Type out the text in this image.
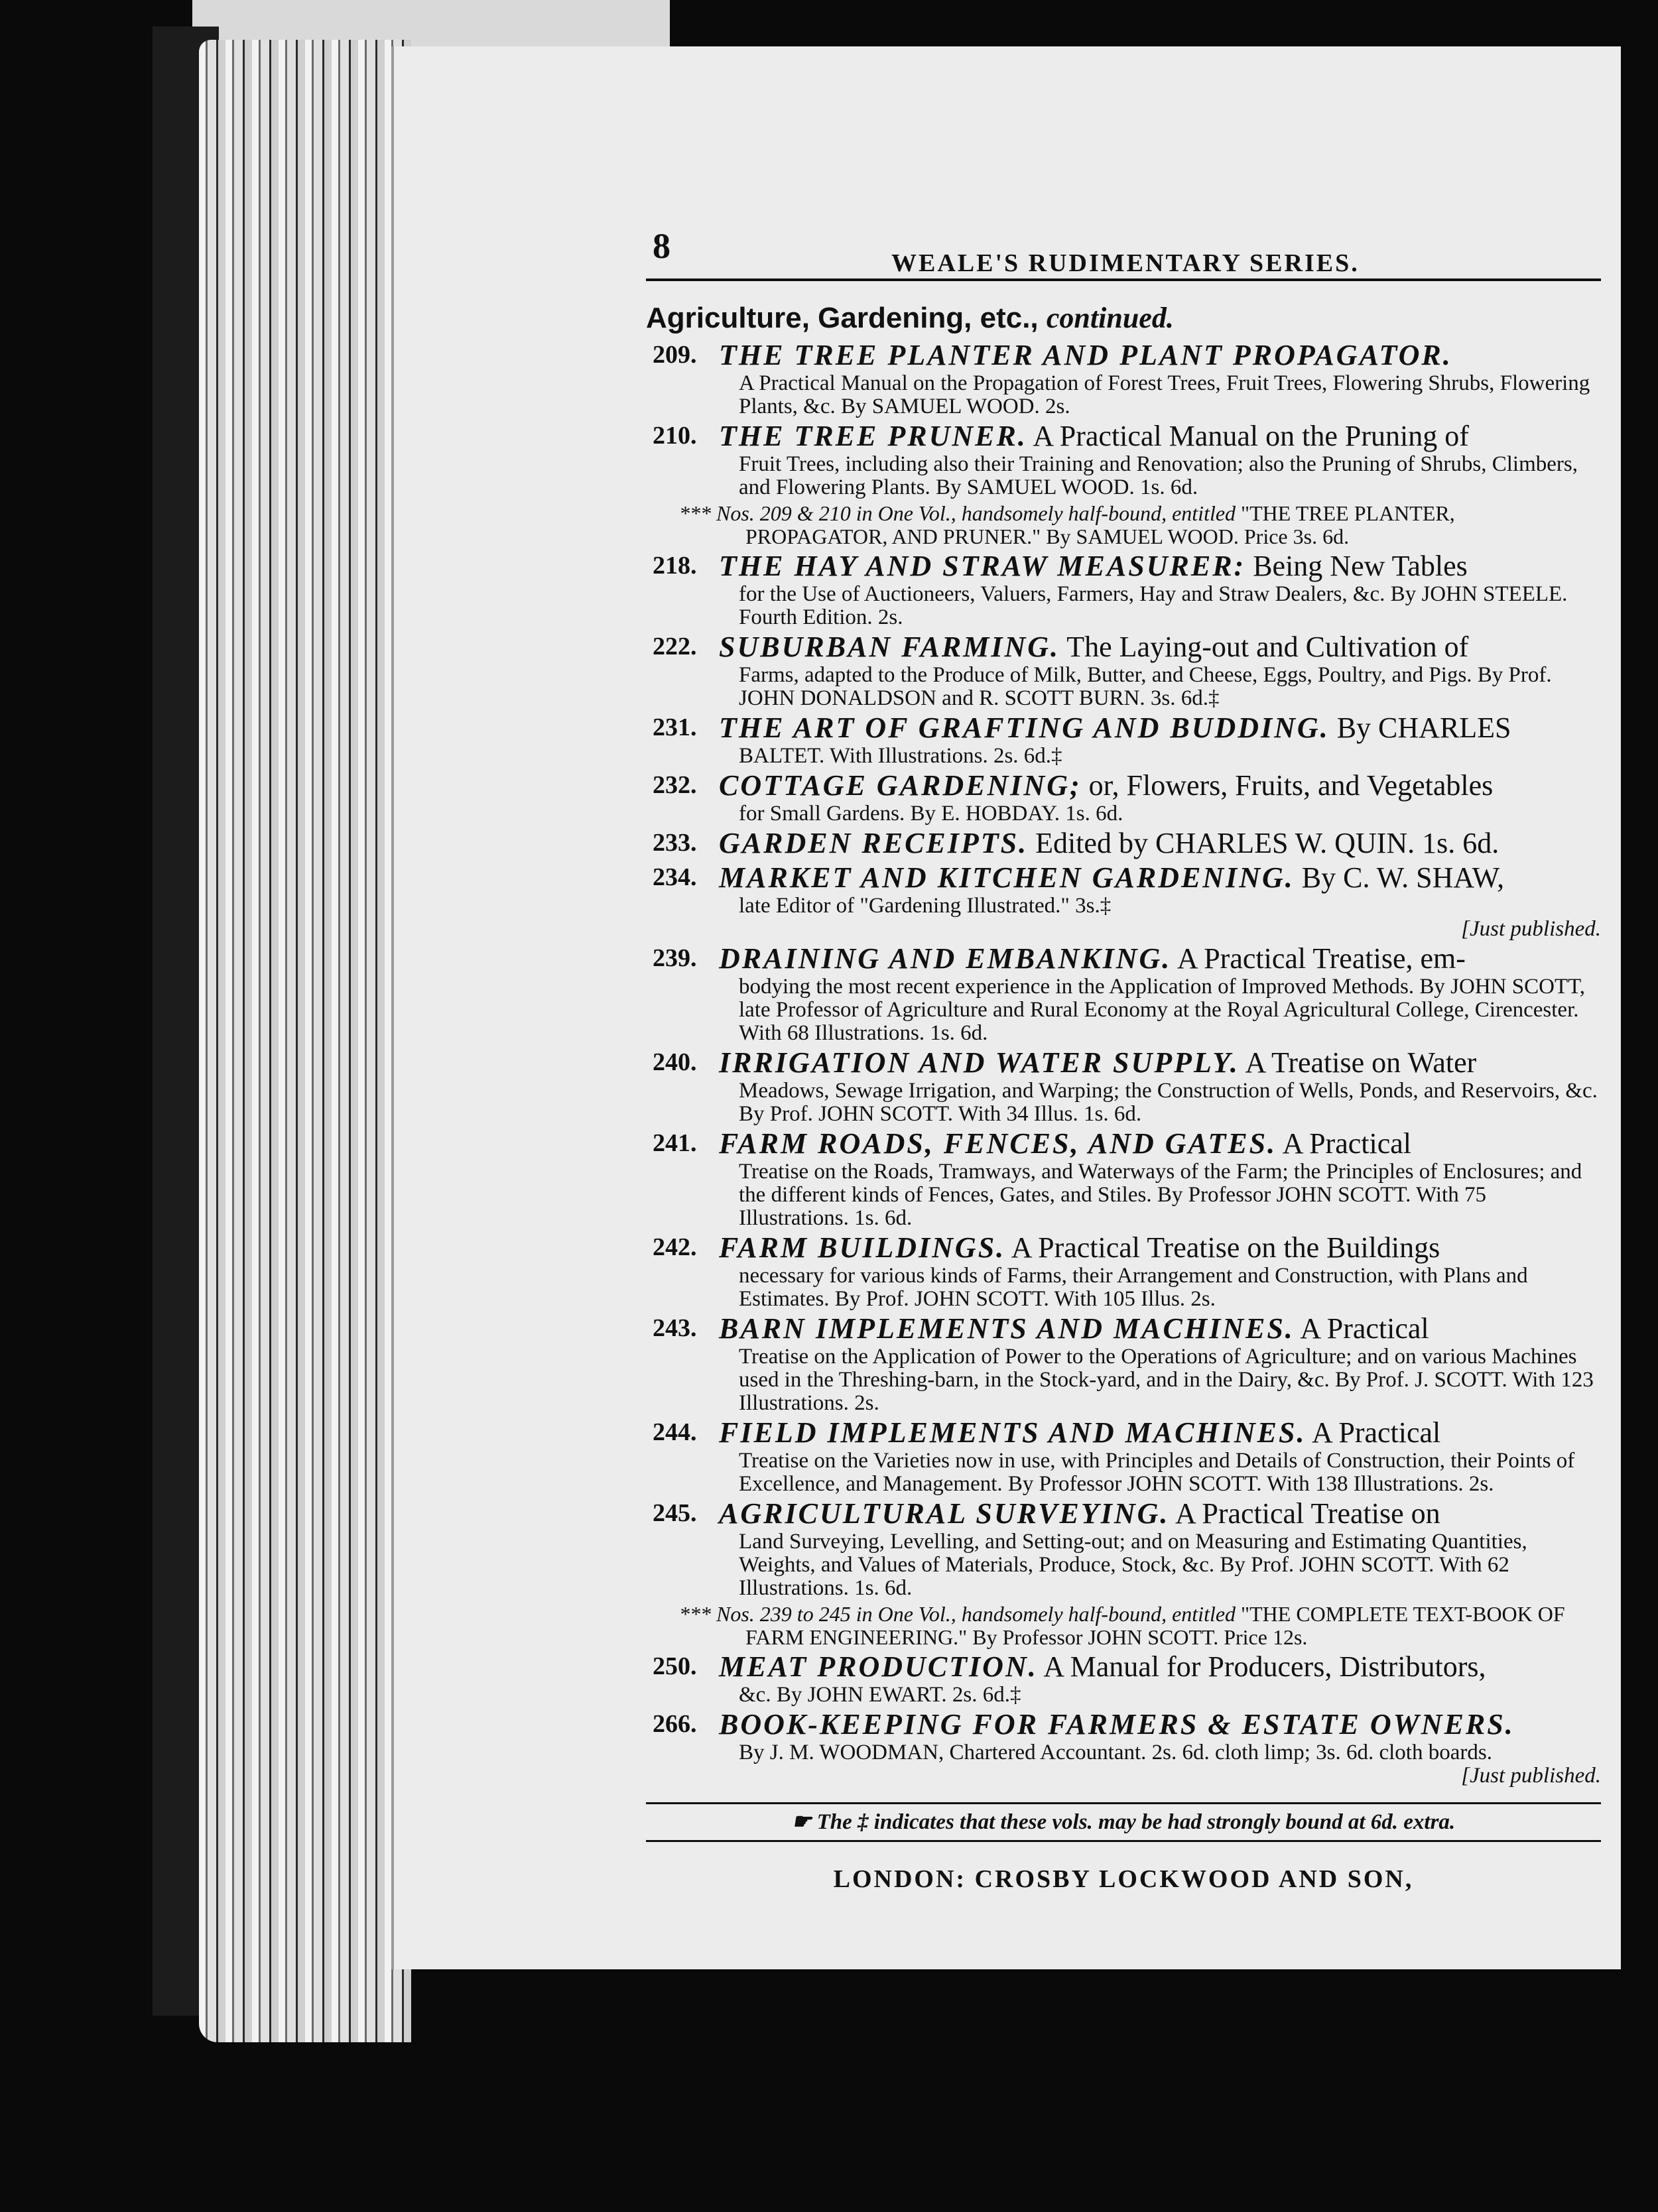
8	WEALE'S RUDIMENTARY SERIES.
Agriculture, Gardening, etc., continued.
209. THE TREE PLANTER AND PLANT PROPAGATOR.
A Practical Manual on the Propagation of Forest Trees, Fruit Trees, Flowering Shrubs, Flowering Plants, &c. By SAMUEL WOOD. 2s.
210. THE TREE PRUNER. A Practical Manual on the Pruning of
Fruit Trees, including also their Training and Renovation; also the Pruning of Shrubs, Climbers, and Flowering Plants. By SAMUEL WOOD. 1s. 6d.
*** Nos. 209 & 210 in One Vol., handsomely half-bound, entitled "THE TREE PLANTER, PROPAGATOR, AND PRUNER." By SAMUEL WOOD. Price 3s. 6d.
218. THE HAY AND STRAW MEASURER: Being New Tables
for the Use of Auctioneers, Valuers, Farmers, Hay and Straw Dealers, &c. By JOHN STEELE. Fourth Edition. 2s.
222. SUBURBAN FARMING. The Laying-out and Cultivation of
Farms, adapted to the Produce of Milk, Butter, and Cheese, Eggs, Poultry, and Pigs. By Prof. JOHN DONALDSON and R. SCOTT BURN. 3s. 6d.‡
231. THE ART OF GRAFTING AND BUDDING. By CHARLES
BALTET. With Illustrations. 2s. 6d.‡
232. COTTAGE GARDENING; or, Flowers, Fruits, and Vegetables
for Small Gardens. By E. HOBDAY. 1s. 6d.
233. GARDEN RECEIPTS. Edited by CHARLES W. QUIN. 1s. 6d.
234. MARKET AND KITCHEN GARDENING. By C. W. SHAW,
late Editor of "Gardening Illustrated." 3s.‡
[Just published.
239. DRAINING AND EMBANKING. A Practical Treatise, em-
bodying the most recent experience in the Application of Improved Methods. By JOHN SCOTT, late Professor of Agriculture and Rural Economy at the Royal Agricultural College, Cirencester. With 68 Illustrations. 1s. 6d.
240. IRRIGATION AND WATER SUPPLY. A Treatise on Water
Meadows, Sewage Irrigation, and Warping; the Construction of Wells, Ponds, and Reservoirs, &c. By Prof. JOHN SCOTT. With 34 Illus. 1s. 6d.
241. FARM ROADS, FENCES, AND GATES. A Practical
Treatise on the Roads, Tramways, and Waterways of the Farm; the Principles of Enclosures; and the different kinds of Fences, Gates, and Stiles. By Professor JOHN SCOTT. With 75 Illustrations. 1s. 6d.
242. FARM BUILDINGS. A Practical Treatise on the Buildings
necessary for various kinds of Farms, their Arrangement and Construction, with Plans and Estimates. By Prof. JOHN SCOTT. With 105 Illus. 2s.
243. BARN IMPLEMENTS AND MACHINES. A Practical
Treatise on the Application of Power to the Operations of Agriculture; and on various Machines used in the Threshing-barn, in the Stock-yard, and in the Dairy, &c. By Prof. J. SCOTT. With 123 Illustrations. 2s.
244. FIELD IMPLEMENTS AND MACHINES. A Practical
Treatise on the Varieties now in use, with Principles and Details of Construction, their Points of Excellence, and Management. By Professor JOHN SCOTT. With 138 Illustrations. 2s.
245. AGRICULTURAL SURVEYING. A Practical Treatise on
Land Surveying, Levelling, and Setting-out; and on Measuring and Estimating Quantities, Weights, and Values of Materials, Produce, Stock, &c. By Prof. JOHN SCOTT. With 62 Illustrations. 1s. 6d.
*** Nos. 239 to 245 in One Vol., handsomely half-bound, entitled "THE COMPLETE TEXT-BOOK OF FARM ENGINEERING." By Professor JOHN SCOTT. Price 12s.
250. MEAT PRODUCTION. A Manual for Producers, Distributors,
&c. By JOHN EWART. 2s. 6d.‡
266. BOOK-KEEPING FOR FARMERS & ESTATE OWNERS.
By J. M. WOODMAN, Chartered Accountant. 2s. 6d. cloth limp; 3s. 6d. cloth boards.
[Just published.
☛ The ‡ indicates that these vols. may be had strongly bound at 6d. extra.
LONDON: CROSBY LOCKWOOD AND SON,
